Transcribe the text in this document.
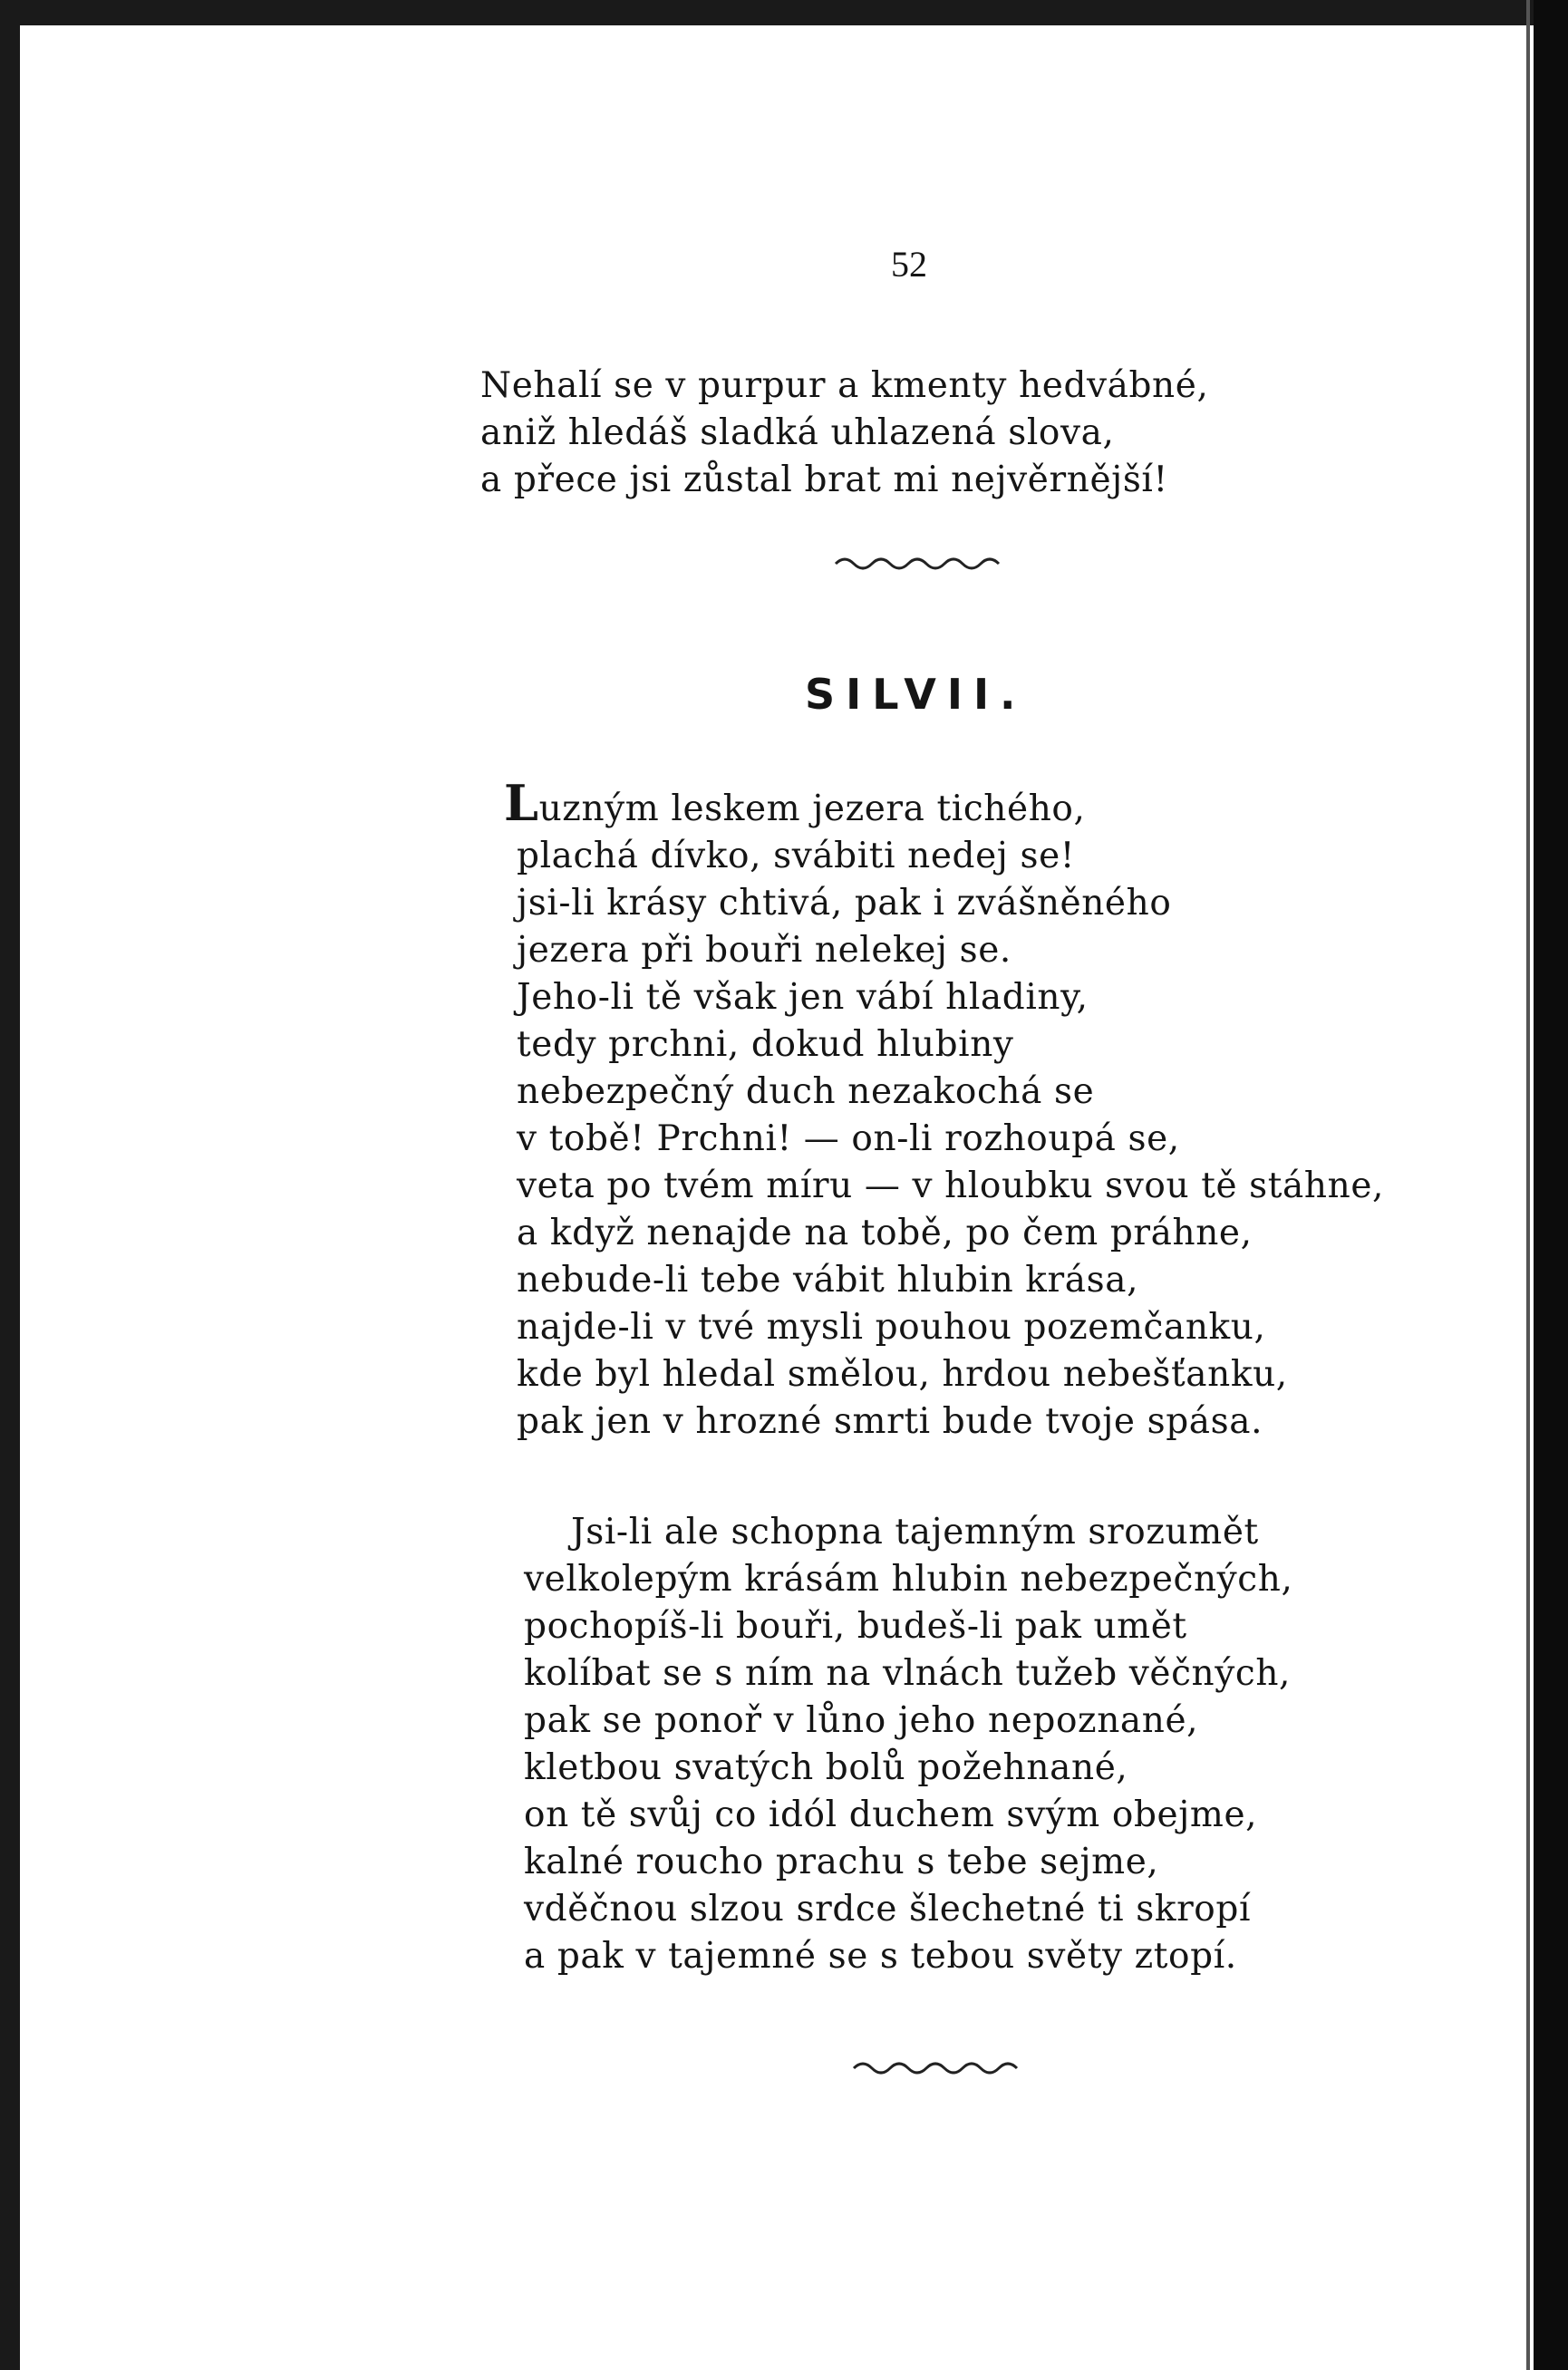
52
Nehalí se v purpur a kmenty hedvábné,
aniž hledáš sladká uhlazená slova,
a přece jsi zůstal brat mi nejvěrnější!
SILVII.
Luzným leskem jezera tichého,
plachá dívko, svábiti nedej se!
jsi-li krásy chtivá, pak i zvášněného
jezera při bouři nelekej se.
Jeho-li tě však jen vábí hladiny,
tedy prchni, dokud hlubiny
nebezpečný duch nezakochá se
v tobě! Prchni! — on-li rozhoupá se,
veta po tvém míru — v hloubku svou tě stáhne,
a když nenajde na tobě, po čem práhne,
nebude-li tebe vábit hlubin krása,
najde-li v tvé mysli pouhou pozemčanku,
kde byl hledal smělou, hrdou nebešťanku,
pak jen v hrozné smrti bude tvoje spása.
Jsi-li ale schopna tajemným srozumět
velkolepým krásám hlubin nebezpečných,
pochopíš-li bouři, budeš-li pak umět
kolíbat se s ním na vlnách tužeb věčných,
pak se ponoř v lůno jeho nepoznané,
kletbou svatých bolů požehnané,
on tě svůj co idól duchem svým obejme,
kalné roucho prachu s tebe sejme,
vděčnou slzou srdce šlechetné ti skropí
a pak v tajemné se s tebou světy ztopí.
